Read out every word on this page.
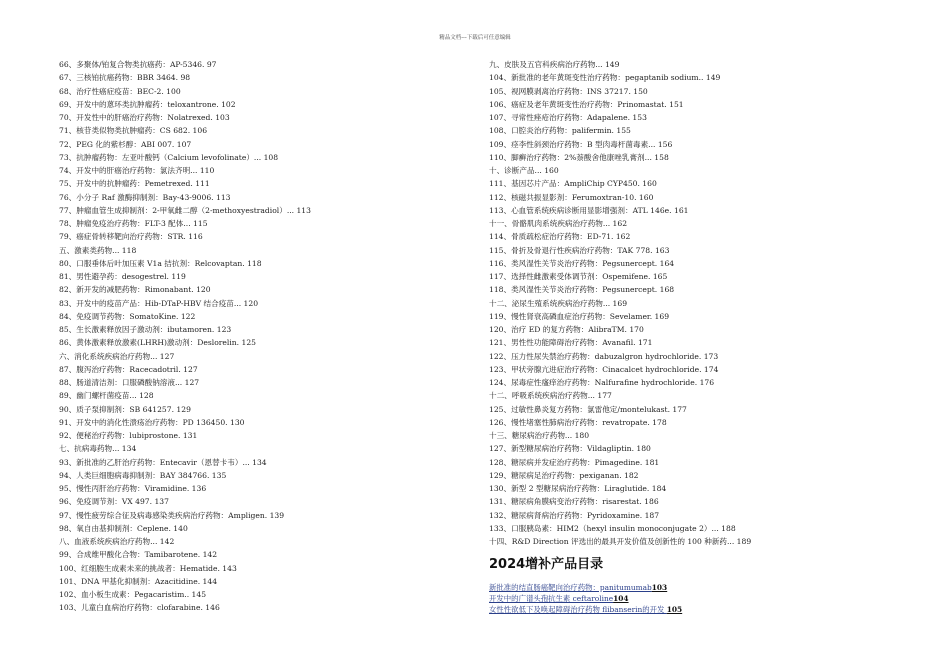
精品文档---下载后可任意编辑
66、多聚体/铂复合物类抗癌药：AP-5346. 97
67、三核铂抗癌药物：BBR 3464. 98
68、治疗性癌症疫苗：BEC-2. 100
69、开发中的蒽环类抗肿瘤药：teloxantrone. 102
70、开发性中的肝癌治疗药物：Nolatrexed. 103
71、核苷类似物类抗肿瘤药：CS 682. 106
72、PEG 化的紫杉醇：ABI 007. 107
73、抗肿瘤药物：左亚叶酸钙（Calcium levofolinate）... 108
74、开发中的肝癌治疗药物：氯法齐明... 110
75、开发中的抗肿瘤药：Pemetrexed. 111
76、小分子 Raf 激酶抑制剂：Bay-43-9006. 113
77、肿瘤血管生成抑制剂：2-甲氧雌二醇（2-methoxyestradiol）... 113
78、肿瘤免疫治疗药物：FLT-3 配体... 115
79、癌症骨转移靶向治疗药物：STR. 116
五、激素类药物... 118
80、口服垂体后叶加压素 V1a 拮抗剂：Relcovaptan. 118
81、男性避孕药：desogestrel. 119
82、新开发的减肥药物：Rimonabant. 120
83、开发中的疫苗产品：Hib-DTaP-HBV 结合疫苗... 120
84、免疫调节药物：SomatoKine. 122
85、生长激素释放因子激动剂：ibutamoren. 123
86、黄体激素释放激素(LHRH)激动剂：Deslorelin. 125
六、消化系统疾病治疗药物... 127
87、腹泻治疗药物：Racecadotril. 127
88、肠道清洁剂：口服磷酸钠溶液... 127
89、幽门螺杆菌疫苗... 128
90、质子泵抑制剂：SB 641257. 129
91、开发中的消化性溃疡治疗药物：PD 136450. 130
92、便秘治疗药物：lubiprostone. 131
七、抗病毒药物... 134
93、新批准的乙肝治疗药物：Entecavir（恩替卡韦）... 134
94、人类巨细胞病毒抑制剂：BAY 384766. 135
95、慢性丙肝治疗药物：Viramidine. 136
96、免疫调节剂：VX 497. 137
97、慢性疲劳综合征及病毒感染类疾病治疗药物：Ampligen. 139
98、氧自由基抑制剂：Ceplene. 140
八、血液系统疾病治疗药物... 142
99、合成维甲酸化合物：Tamibarotene. 142
100、红细胞生成素未来的挑战者：Hematide. 143
101、DNA 甲基化抑制剂：Azacitidine. 144
102、血小板生成素：Pegacaristim.. 145
103、儿童白血病治疗药物：clofarabine. 146
九、皮肤及五官科疾病治疗药物... 149
104、新批准的老年黄斑变性治疗药物：pegaptanib sodium.. 149
105、视网膜剥离治疗药物：INS 37217. 150
106、癌症及老年黄斑变性治疗药物：Prinomastat. 151
107、寻常性痤疮治疗药物：Adapalene. 153
108、口腔炎治疗药物：palifermin. 155
109、痉李性斜颈治疗药物：B 型肉毒杆菌毒素... 156
110、脚癣治疗药物：2%萘酸舍他康唑乳膏剂... 158
十、诊断产品... 160
111、基因芯片产品：AmpliChip CYP450. 160
112、核磁共振显影剂：Ferumoxtran-10. 160
113、心血管系统疾病诊断用显影增强剂：ATL 146e. 161
十一、骨骼肌肉系统疾病治疗药物... 162
114、骨质疏松症治疗药物：ED-71. 162
115、骨折及骨退行性疾病治疗药物：TAK 778. 163
116、类风湿性关节炎治疗药物：Pegsunercept. 164
117、选择性雌激素受体调节剂：Ospemifene. 165
118、类风湿性关节炎治疗药物：Pegsunercept. 168
十二、泌尿生殖系统疾病治疗药物... 169
119、慢性肾衰高磷血症治疗药物：Sevelamer. 169
120、治疗 ED 的复方药物：AlibraTM. 170
121、男性性功能障碍治疗药物：Avanafil. 171
122、压力性尿失禁治疗药物：dabuzalgron hydrochloride. 173
123、甲状旁腺亢进症治疗药物：Cinacalcet hydrochloride. 174
124、尿毒症性瘙痒治疗药物：Nalfurafine hydrochloride. 176
十二、呼吸系统疾病治疗药物... 177
125、过敏性鼻炎复方药物：氯雷他定/montelukast. 177
126、慢性堵塞性肺病治疗药物：revatropate. 178
十三、糖尿病治疗药物... 180
127、新型糖尿病治疗药物：Vildagliptin. 180
128、糖尿病并发症治疗药物：Pimagedine. 181
129、糖尿病足治疗药物：pexiganan. 182
130、新型 2 型糖尿病治疗药物：Liraglutide. 184
131、糖尿病角膜病变治疗药物：risarestat. 186
132、糖尿病肾病治疗药物：Pyridoxamine. 187
133、口服胰岛素：HIM2（hexyl insulin monoconjugate 2）... 188
十四、R&D Direction 评选出的最具开发价值及创新性的 100 种新药... 189
2024增补产品目录
新批准的结直肠癌靶向治疗药物：panitumumab103
开发中的广谱头孢抗生素 ceftaroline104
女性性欲低下及唤起障碍治疗药物 flibanserin的开发 105
